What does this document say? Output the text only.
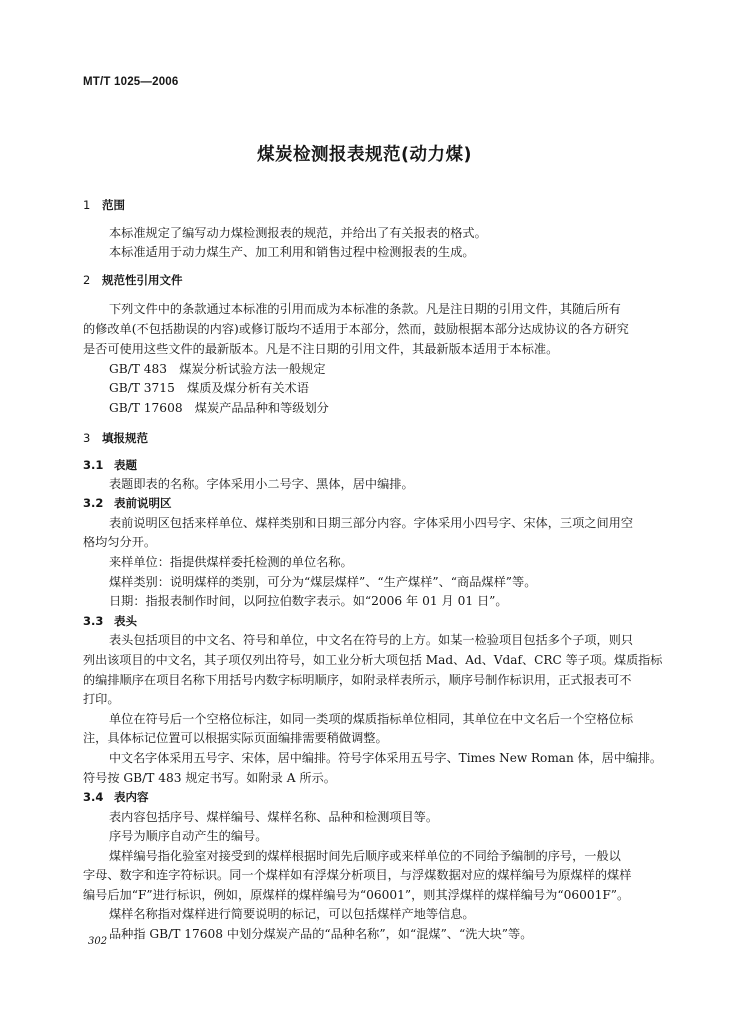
MT/T 1025—2006
煤炭检测报表规范(动力煤)
1 范围
本标准规定了编写动力煤检测报表的规范，并给出了有关报表的格式。
本标准适用于动力煤生产、加工利用和销售过程中检测报表的生成。
2 规范性引用文件
下列文件中的条款通过本标准的引用而成为本标准的条款。凡是注日期的引用文件，其随后所有
的修改单(不包括勘误的内容)或修订版均不适用于本部分，然而，鼓励根据本部分达成协议的各方研究
是否可使用这些文件的最新版本。凡是不注日期的引用文件，其最新版本适用于本标准。
GB/T 483　煤炭分析试验方法一般规定
GB/T 3715　煤质及煤分析有关术语
GB/T 17608　煤炭产品品种和等级划分
3 填报规范
3.1 表题
表题即表的名称。字体采用小二号字、黑体，居中编排。
3.2 表前说明区
表前说明区包括来样单位、煤样类别和日期三部分内容。字体采用小四号字、宋体，三项之间用空
格均匀分开。
来样单位：指提供煤样委托检测的单位名称。
煤样类别：说明煤样的类别，可分为“煤层煤样”、“生产煤样”、“商品煤样”等。
日期：指报表制作时间，以阿拉伯数字表示。如“2006 年 01 月 01 日”。
3.3 表头
表头包括项目的中文名、符号和单位，中文名在符号的上方。如某一检验项目包括多个子项，则只
列出该项目的中文名，其子项仅列出符号，如工业分析大项包括 Mad、Ad、Vdaf、CRC 等子项。煤质指标
的编排顺序在项目名称下用括号内数字标明顺序，如附录样表所示，顺序号制作标识用，正式报表可不
打印。
单位在符号后一个空格位标注，如同一类项的煤质指标单位相同，其单位在中文名后一个空格位标
注，具体标记位置可以根据实际页面编排需要稍做调整。
中文名字体采用五号字、宋体，居中编排。符号字体采用五号字、Times New Roman 体，居中编排。
符号按 GB/T 483 规定书写。如附录 A 所示。
3.4 表内容
表内容包括序号、煤样编号、煤样名称、品种和检测项目等。
序号为顺序自动产生的编号。
煤样编号指化验室对接受到的煤样根据时间先后顺序或来样单位的不同给予编制的序号，一般以
字母、数字和连字符标识。同一个煤样如有浮煤分析项目，与浮煤数据对应的煤样编号为原煤样的煤样
编号后加“F”进行标识，例如，原煤样的煤样编号为“06001”，则其浮煤样的煤样编号为“06001F”。
煤样名称指对煤样进行简要说明的标记，可以包括煤样产地等信息。
品种指 GB/T 17608 中划分煤炭产品的“品种名称”，如“混煤”、“洗大块”等。
302
